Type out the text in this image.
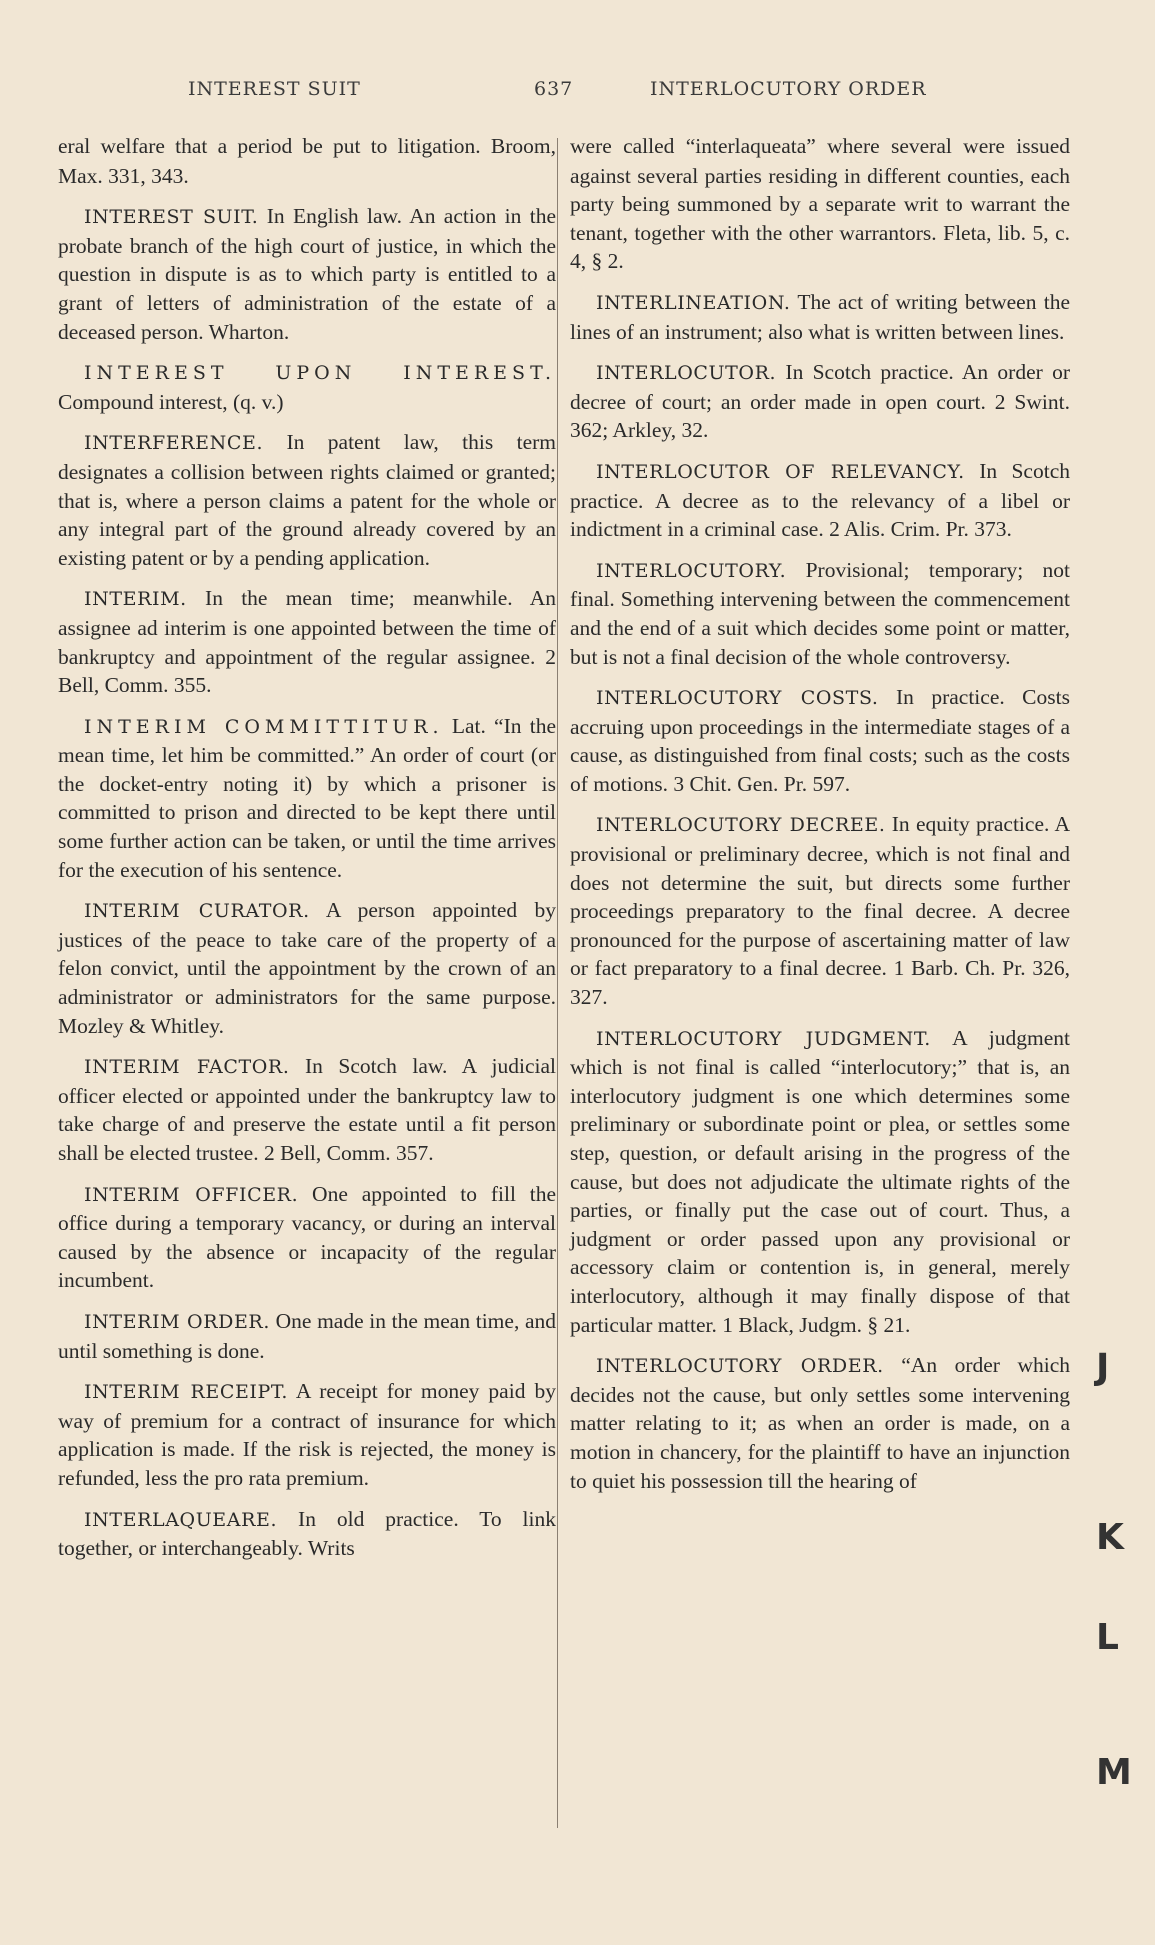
INTEREST SUIT	637	INTERLOCUTORY ORDER

eral welfare that a period be put to litigation. Broom, Max. 331, 343.

INTEREST SUIT. In English law. An action in the probate branch of the high court of justice, in which the question in dispute is as to which party is entitled to a grant of letters of administration of the estate of a deceased person. Wharton.

INTEREST UPON INTEREST. Compound interest, (q. v.)

INTERFERENCE. In patent law, this term designates a collision between rights claimed or granted; that is, where a person claims a patent for the whole or any integral part of the ground already covered by an existing patent or by a pending application.

INTERIM. In the mean time; meanwhile. An assignee ad interim is one appointed between the time of bankruptcy and appointment of the regular assignee. 2 Bell, Comm. 355.

INTERIM COMMITTITUR. Lat. “In the mean time, let him be committed.” An order of court (or the docket-entry noting it) by which a prisoner is committed to prison and directed to be kept there until some further action can be taken, or until the time arrives for the execution of his sentence.

INTERIM CURATOR. A person appointed by justices of the peace to take care of the property of a felon convict, until the appointment by the crown of an administrator or administrators for the same purpose. Mozley & Whitley.

INTERIM FACTOR. In Scotch law. A judicial officer elected or appointed under the bankruptcy law to take charge of and preserve the estate until a fit person shall be elected trustee. 2 Bell, Comm. 357.

INTERIM OFFICER. One appointed to fill the office during a temporary vacancy, or during an interval caused by the absence or incapacity of the regular incumbent.

INTERIM ORDER. One made in the mean time, and until something is done.

INTERIM RECEIPT. A receipt for money paid by way of premium for a contract of insurance for which application is made. If the risk is rejected, the money is refunded, less the pro rata premium.

INTERLAQUEARE. In old practice. To link together, or interchangeably. Writs

were called “interlaqueata” where several were issued against several parties residing in different counties, each party being summoned by a separate writ to warrant the tenant, together with the other warrantors. Fleta, lib. 5, c. 4, § 2.

INTERLINEATION. The act of writing between the lines of an instrument; also what is written between lines.

INTERLOCUTOR. In Scotch practice. An order or decree of court; an order made in open court. 2 Swint. 362; Arkley, 32.

INTERLOCUTOR OF RELEVANCY. In Scotch practice. A decree as to the relevancy of a libel or indictment in a criminal case. 2 Alis. Crim. Pr. 373.

INTERLOCUTORY. Provisional; temporary; not final. Something intervening between the commencement and the end of a suit which decides some point or matter, but is not a final decision of the whole controversy.

INTERLOCUTORY COSTS. In practice. Costs accruing upon proceedings in the intermediate stages of a cause, as distinguished from final costs; such as the costs of motions. 3 Chit. Gen. Pr. 597.

INTERLOCUTORY DECREE. In equity practice. A provisional or preliminary decree, which is not final and does not determine the suit, but directs some further proceedings preparatory to the final decree. A decree pronounced for the purpose of ascertaining matter of law or fact preparatory to a final decree. 1 Barb. Ch. Pr. 326, 327.

INTERLOCUTORY JUDGMENT. A judgment which is not final is called “interlocutory;” that is, an interlocutory judgment is one which determines some preliminary or subordinate point or plea, or settles some step, question, or default arising in the progress of the cause, but does not adjudicate the ultimate rights of the parties, or finally put the case out of court. Thus, a judgment or order passed upon any provisional or accessory claim or contention is, in general, merely interlocutory, although it may finally dispose of that particular matter. 1 Black, Judgm. § 21.

INTERLOCUTORY ORDER. “An order which decides not the cause, but only settles some intervening matter relating to it; as when an order is made, on a motion in chancery, for the plaintiff to have an injunction to quiet his possession till the hearing of

J
K
L
M
